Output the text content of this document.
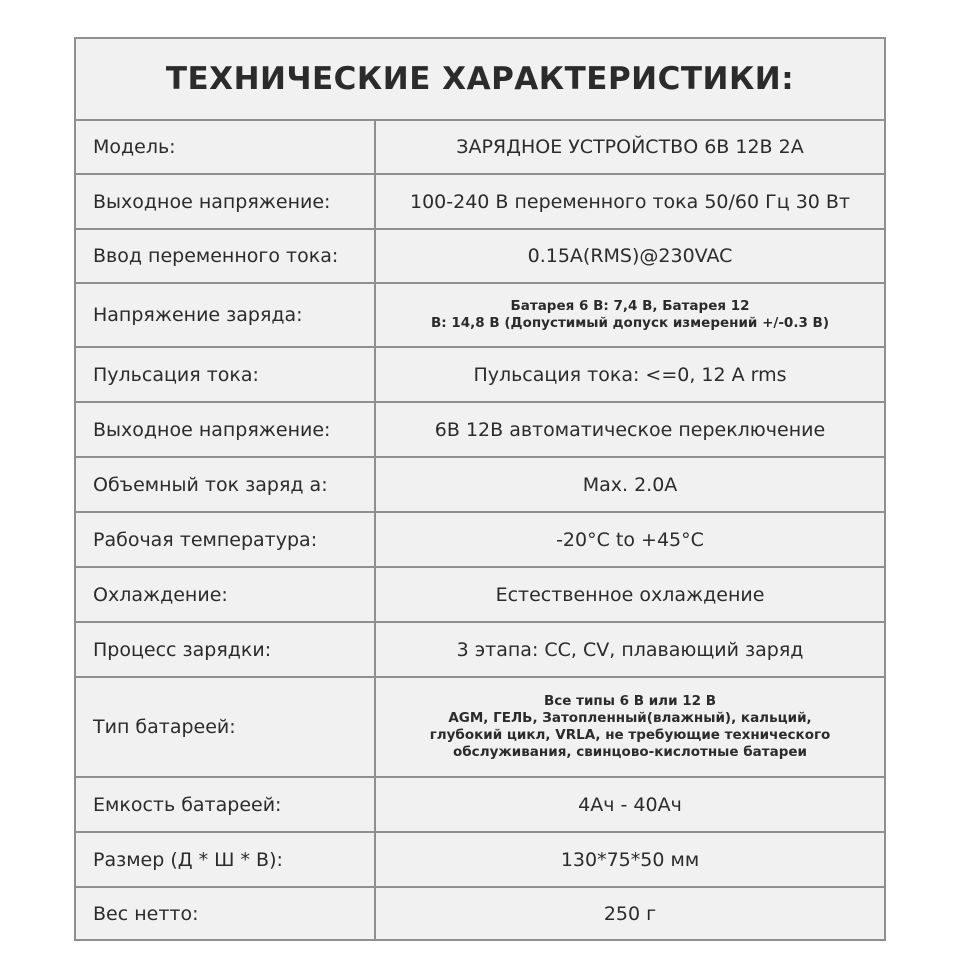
ТЕХНИЧЕСКИЕ ХАРАКТЕРИСТИКИ:
Модель:	ЗАРЯДНОЕ УСТРОЙСТВО 6В 12В 2А
Выходное напряжение:	100-240 В переменного тока 50/60 Гц 30 Вт
Ввод переменного тока:	0.15A(RMS)@230VAC
Напряжение заряда:	Батарея 6 В: 7,4 В, Батарея 12
В: 14,8 В (Допустимый допуск измерений +/-0.3 В)
Пульсация тока:	Пульсация тока: <=0, 12 A rms
Выходное напряжение:	6В 12В автоматическое переключение
Объемный ток заряд а:	Max. 2.0A
Рабочая температура:	-20°C to +45°C
Охлаждение:	Естественное охлаждение
Процесс зарядки:	3 этапа: CC, CV, плавающий заряд
Тип батареей:
Все типы 6 В или 12 В
AGM, ГЕЛЬ, Затопленный(влажный), кальций,
глубокий цикл, VRLA, не требующие технического
обслуживания, свинцово-кислотные батареи
Емкость батареей:	4Ач - 40Ач
Размер (Д * Ш * В):	130*75*50 мм
Вес нетто:	250 г
